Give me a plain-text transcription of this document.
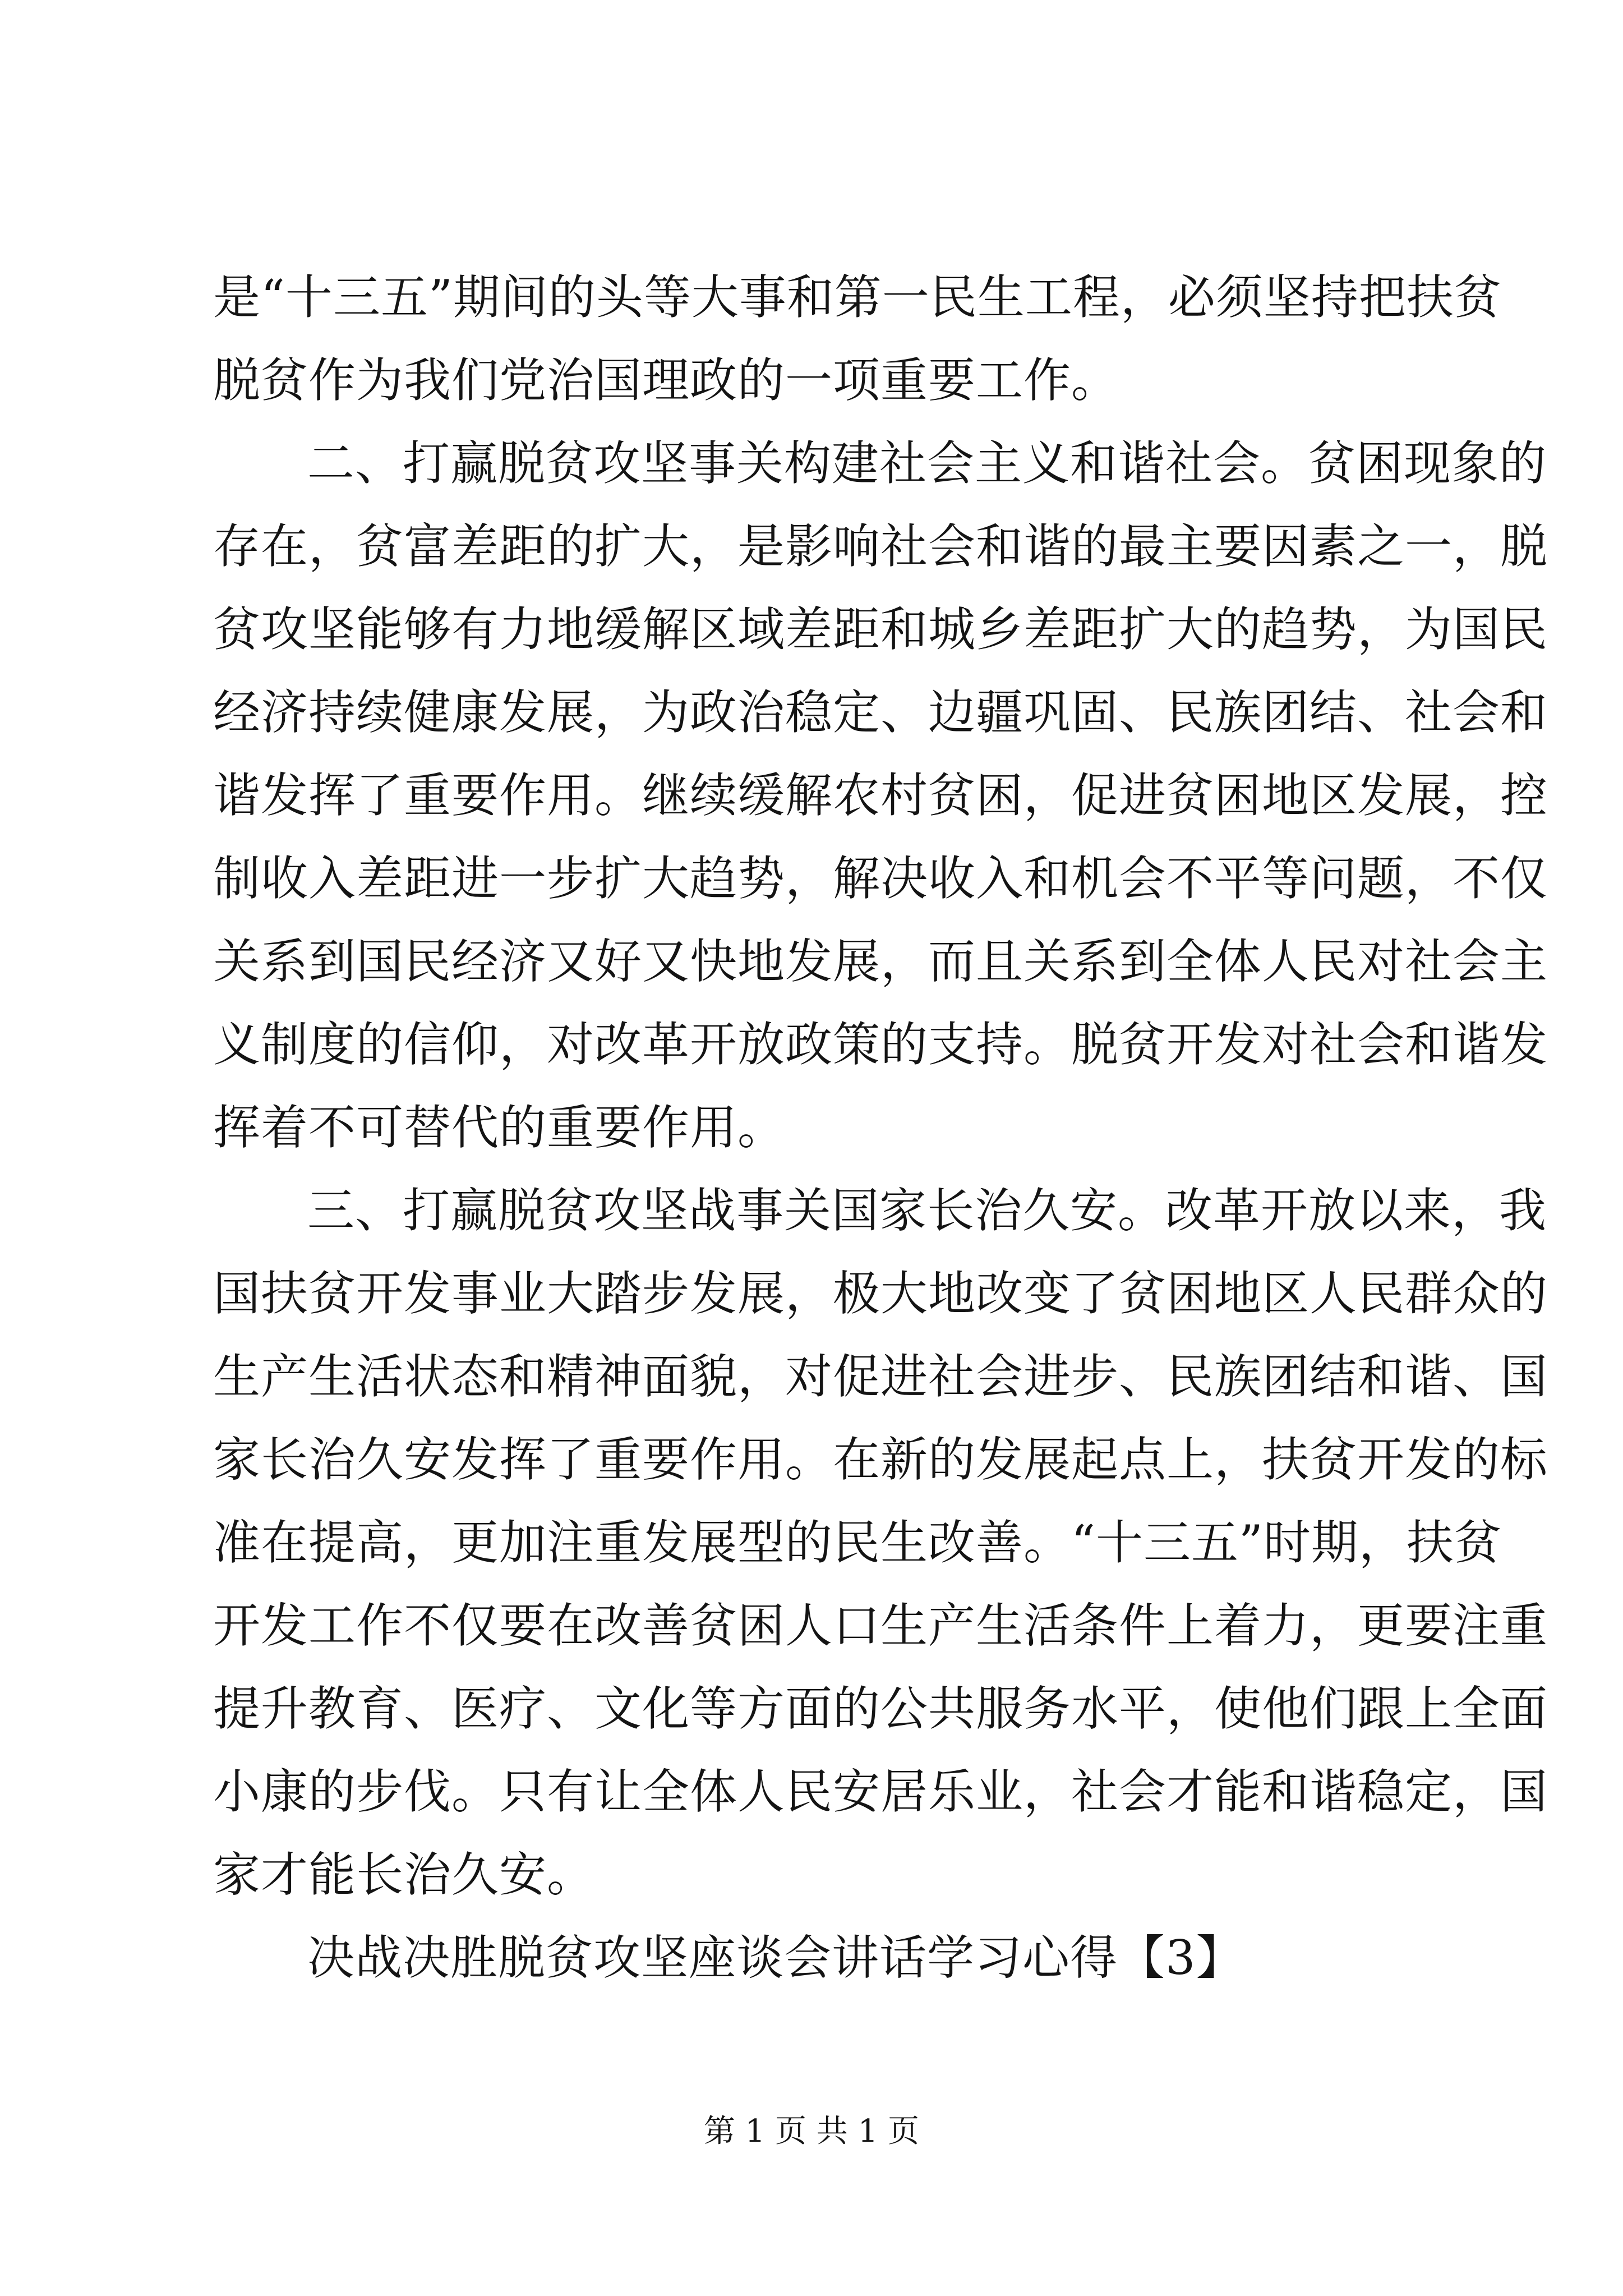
是“十三五”期间的头等大事和第一民生工程，必须坚持把扶贫
脱贫作为我们党治国理政的一项重要工作。
二、打赢脱贫攻坚事关构建社会主义和谐社会。贫困现象的
存在，贫富差距的扩大，是影响社会和谐的最主要因素之一，脱
贫攻坚能够有力地缓解区域差距和城乡差距扩大的趋势，为国民
经济持续健康发展，为政治稳定、边疆巩固、民族团结、社会和
谐发挥了重要作用。继续缓解农村贫困，促进贫困地区发展，控
制收入差距进一步扩大趋势，解决收入和机会不平等问题，不仅
关系到国民经济又好又快地发展，而且关系到全体人民对社会主
义制度的信仰，对改革开放政策的支持。脱贫开发对社会和谐发
挥着不可替代的重要作用。
三、打赢脱贫攻坚战事关国家长治久安。改革开放以来，我
国扶贫开发事业大踏步发展，极大地改变了贫困地区人民群众的
生产生活状态和精神面貌，对促进社会进步、民族团结和谐、国
家长治久安发挥了重要作用。在新的发展起点上，扶贫开发的标
准在提高，更加注重发展型的民生改善。“十三五”时期，扶贫
开发工作不仅要在改善贫困人口生产生活条件上着力，更要注重
提升教育、医疗、文化等方面的公共服务水平，使他们跟上全面
小康的步伐。只有让全体人民安居乐业，社会才能和谐稳定，国
家才能长治久安。
决战决胜脱贫攻坚座谈会讲话学习心得【3】
第 1 页 共 1 页
